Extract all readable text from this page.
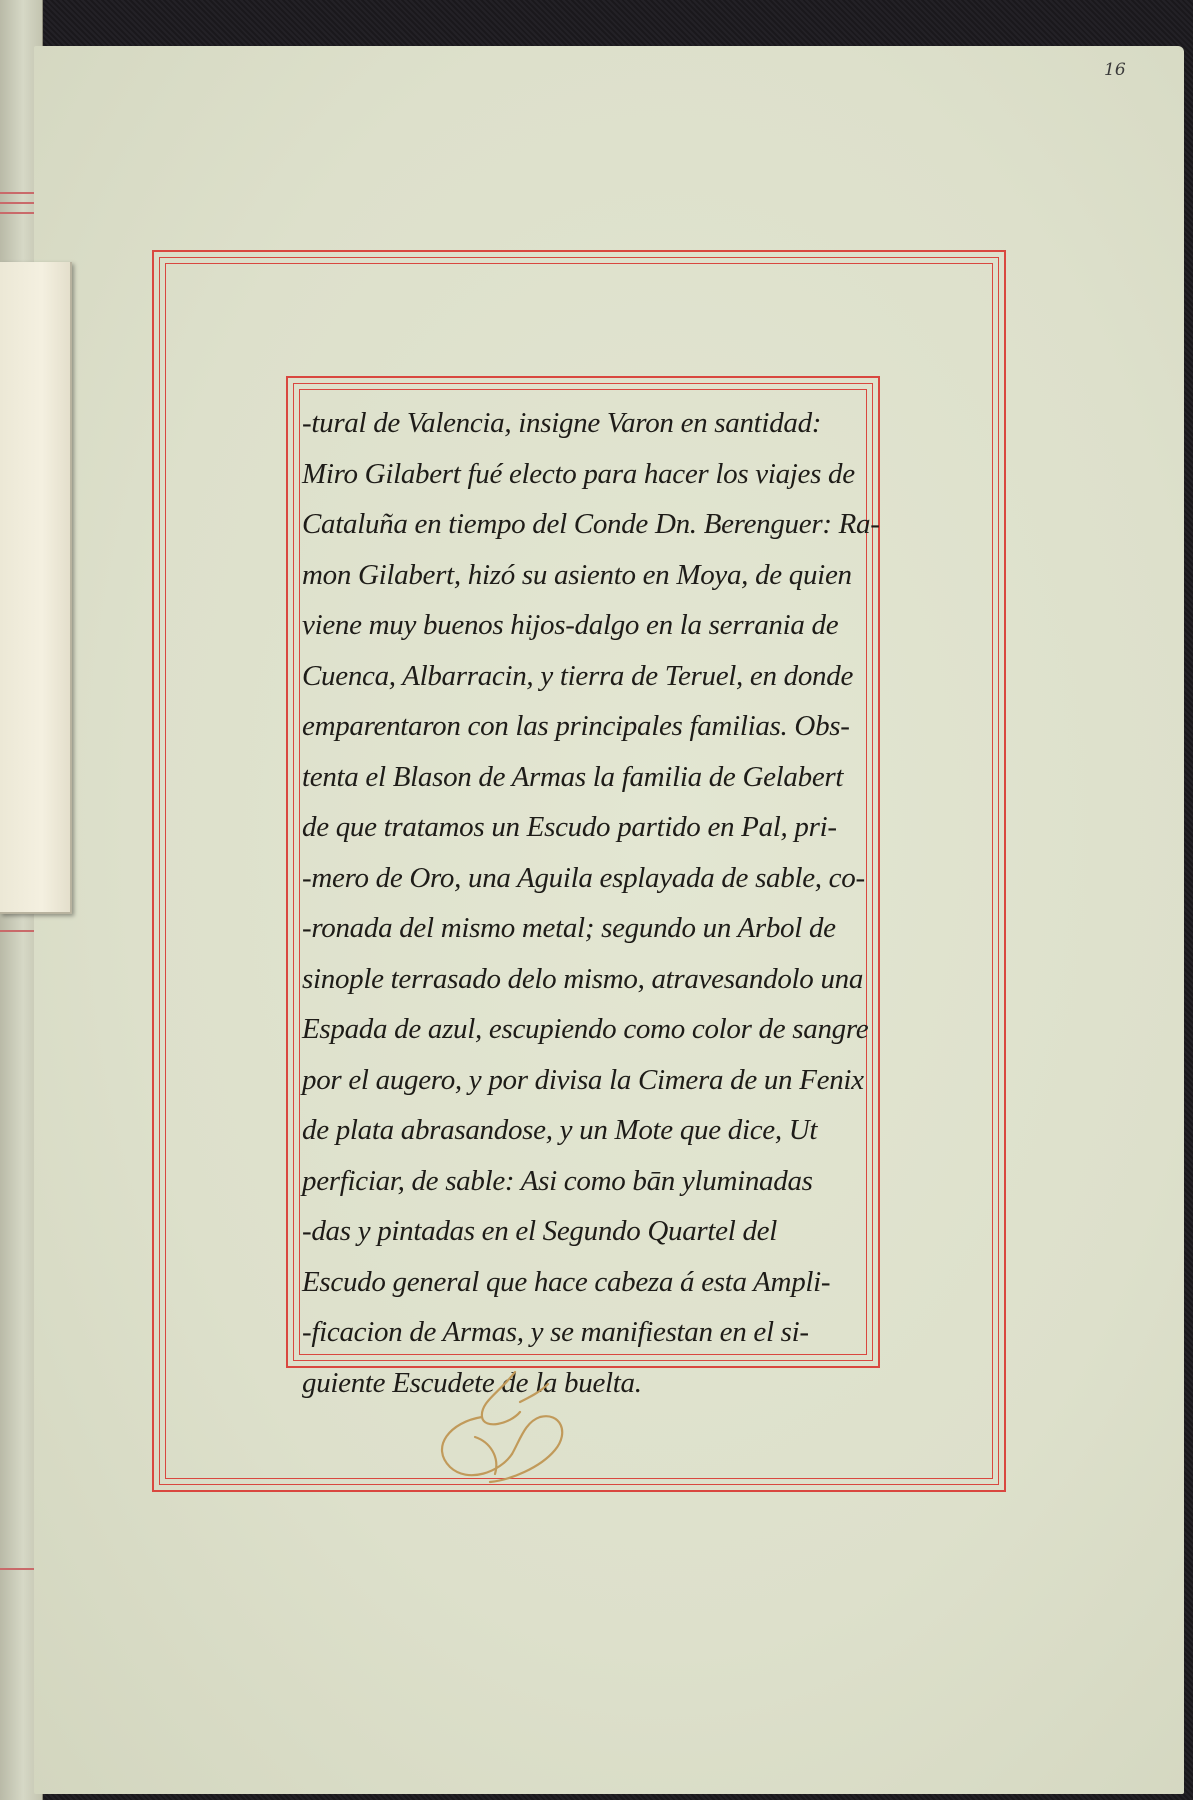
16
-tural de Valencia, insigne Varon en santidad:
Miro Gilabert fué electo para hacer los viajes de
Cataluña en tiempo del Conde Dn. Berenguer: Ra-
mon Gilabert, hizó su asiento en Moya, de quien
viene muy buenos hijos-dalgo en la serrania de
Cuenca, Albarracin, y tierra de Teruel, en donde
emparentaron con las principales familias. Obs-
tenta el Blason de Armas la familia de Gelabert
de que tratamos un Escudo partido en Pal, pri-
-mero de Oro, una Aguila esplayada de sable, co-
-ronada del mismo metal; segundo un Arbol de
sinople terrasado delo mismo, atravesandolo una
Espada de azul, escupiendo como color de sangre
por el augero, y por divisa la Cimera de un Fenix
de plata abrasandose, y un Mote que dice, Ut
perficiar, de sable: Asi como bān yluminadas
-das y pintadas en el Segundo Quartel del
Escudo general que hace cabeza á esta Ampli-
-ficacion de Armas, y se manifiestan en el si-
guiente Escudete de la buelta.
